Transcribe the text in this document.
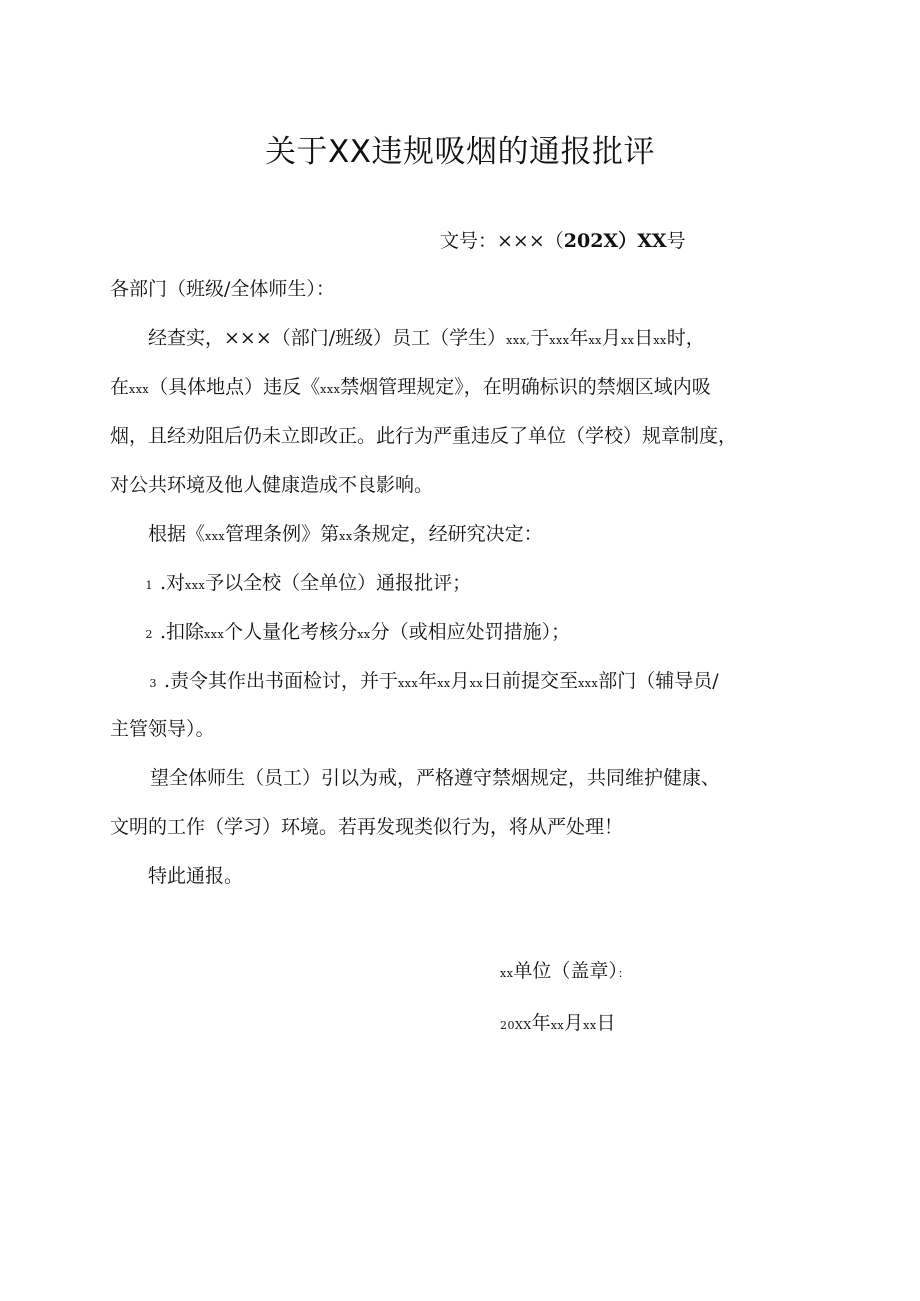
关于XX违规吸烟的通报批评
文号：×××（202X）XX号
各部门（班级/全体师生）：
经查实，×××（部门/班级）员工（学生）xxx,于xxx年xx月xx日xx时，
在xxx（具体地点）违反《xxx禁烟管理规定》，在明确标识的禁烟区域内吸
烟，且经劝阻后仍未立即改正。此行为严重违反了单位（学校）规章制度，
对公共环境及他人健康造成不良影响。
根据《xxx管理条例》第xx条规定，经研究决定：
1 .对xxx予以全校（全单位）通报批评；
2 .扣除xxx个人量化考核分xx分（或相应处罚措施）；
3 .责令其作出书面检讨，并于xxx年xx月xx日前提交至xxx部门（辅导员/
主管领导）。
望全体师生（员工）引以为戒，严格遵守禁烟规定，共同维护健康、
文明的工作（学习）环境。若再发现类似行为，将从严处理！
特此通报。
xx单位（盖章）：
20XX年xx月xx日
